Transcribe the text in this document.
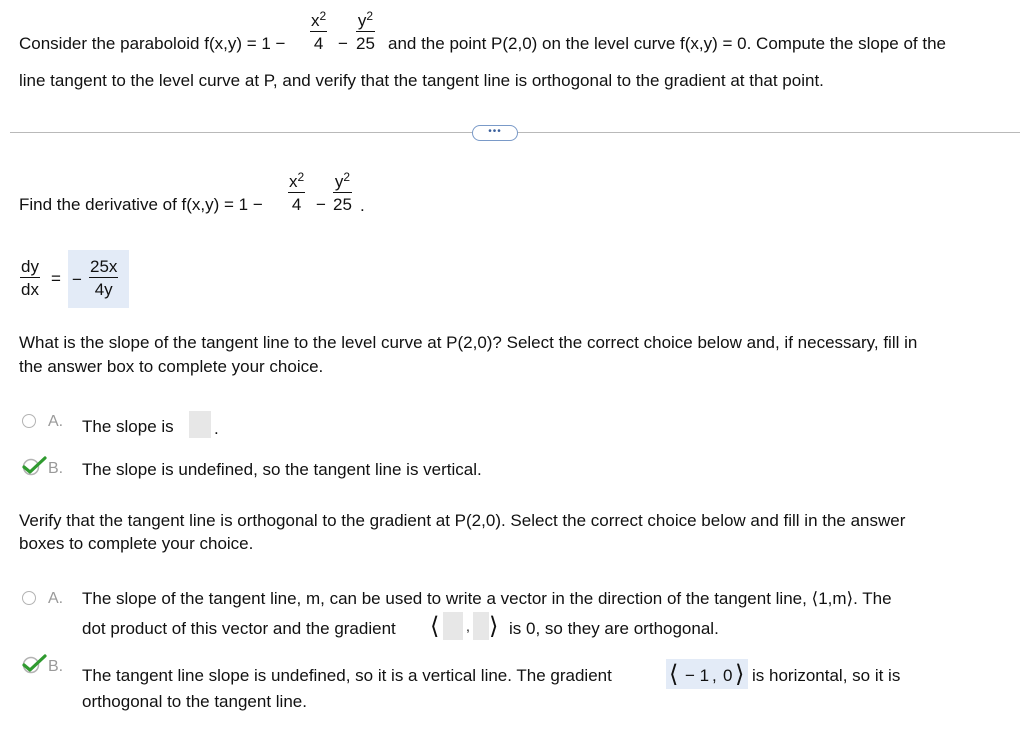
Consider the paraboloid $f(x,y) = 1 - \frac{x^2}{4} - \frac{y^2}{25}$ and the point P(2,0) on the level curve f(x,y) = 0. Compute the slope of the
line tangent to the level curve at P, and verify that the tangent line is orthogonal to the gradient at that point.
•••
Find the derivative of $f(x,y) = 1 - \frac{x^2}{4} - \frac{y^2}{25}$ .
$\frac{dy}{dx}$ = − $\frac{25x}{4y}$
What is the slope of the tangent line to the level curve at P(2,0)? Select the correct choice below and, if necessary, fill in
the answer box to complete your choice.
A. The slope is .
B. The slope is undefined, so the tangent line is vertical.
Verify that the tangent line is orthogonal to the gradient at P(2,0). Select the correct choice below and fill in the answer
boxes to complete your choice.
A. The slope of the tangent line, m, can be used to write a vector in the direction of the tangent line, ⟨1,m⟩. The
dot product of this vector and the gradient ⟨ , ⟩ is 0, so they are orthogonal.
B. The tangent line slope is undefined, so it is a vertical line. The gradient ⟨ − 1 , 0 ⟩ is horizontal, so it is
orthogonal to the tangent line.
